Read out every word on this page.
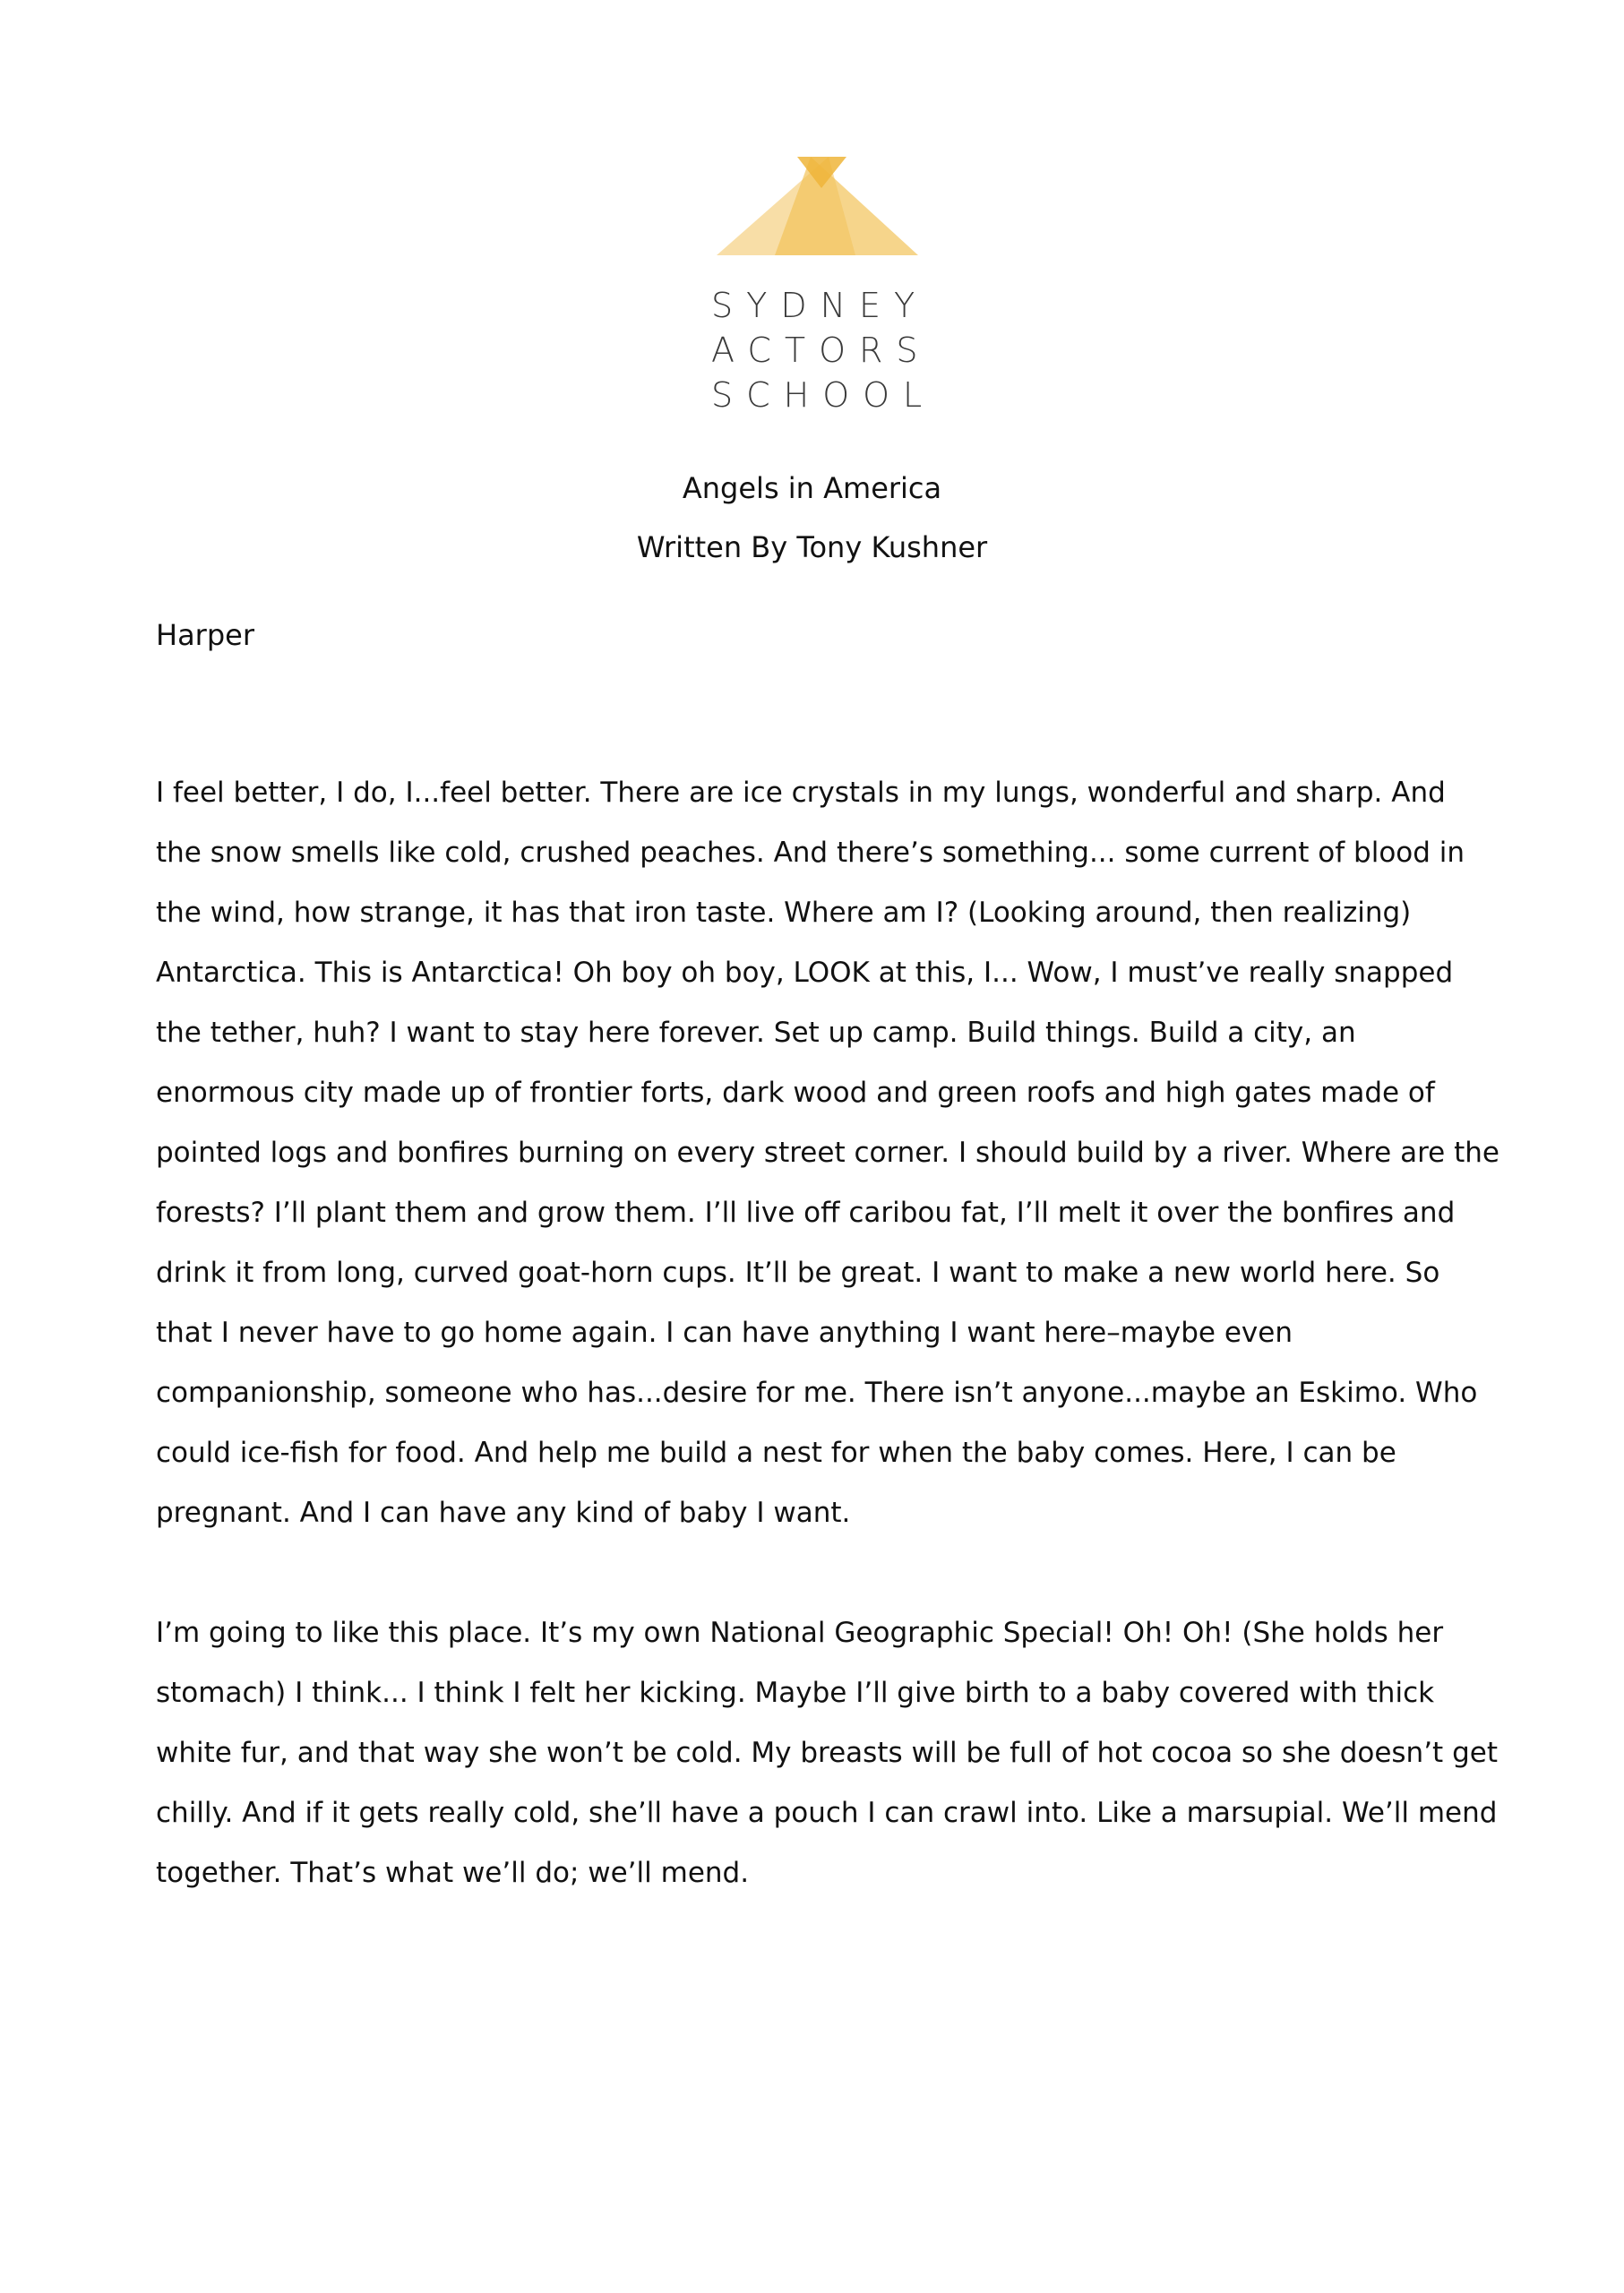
SYDNEY
ACTORS
SCHOOL
Angels in America
Written By Tony Kushner
Harper

I feel better, I do, I...feel better. There are ice crystals in my lungs, wonderful and sharp. And the snow smells like cold, crushed peaches. And there’s something... some current of blood in the wind, how strange, it has that iron taste. Where am I? (Looking around, then realizing) Antarctica. This is Antarctica! Oh boy oh boy, LOOK at this, I... Wow, I must’ve really snapped the tether, huh? I want to stay here forever. Set up camp. Build things. Build a city, an enormous city made up of frontier forts, dark wood and green roofs and high gates made of pointed logs and bonfires burning on every street corner. I should build by a river. Where are the forests? I’ll plant them and grow them. I’ll live off caribou fat, I’ll melt it over the bonfires and drink it from long, curved goat-horn cups. It’ll be great. I want to make a new world here. So that I never have to go home again. I can have anything I want here–maybe even companionship, someone who has...desire for me. There isn’t anyone...maybe an Eskimo. Who could ice-fish for food. And help me build a nest for when the baby comes. Here, I can be pregnant. And I can have any kind of baby I want.

I’m going to like this place. It’s my own National Geographic Special! Oh! Oh! (She holds her stomach) I think... I think I felt her kicking. Maybe I’ll give birth to a baby covered with thick white fur, and that way she won’t be cold. My breasts will be full of hot cocoa so she doesn’t get chilly. And if it gets really cold, she’ll have a pouch I can crawl into. Like a marsupial. We’ll mend together. That’s what we’ll do; we’ll mend.
